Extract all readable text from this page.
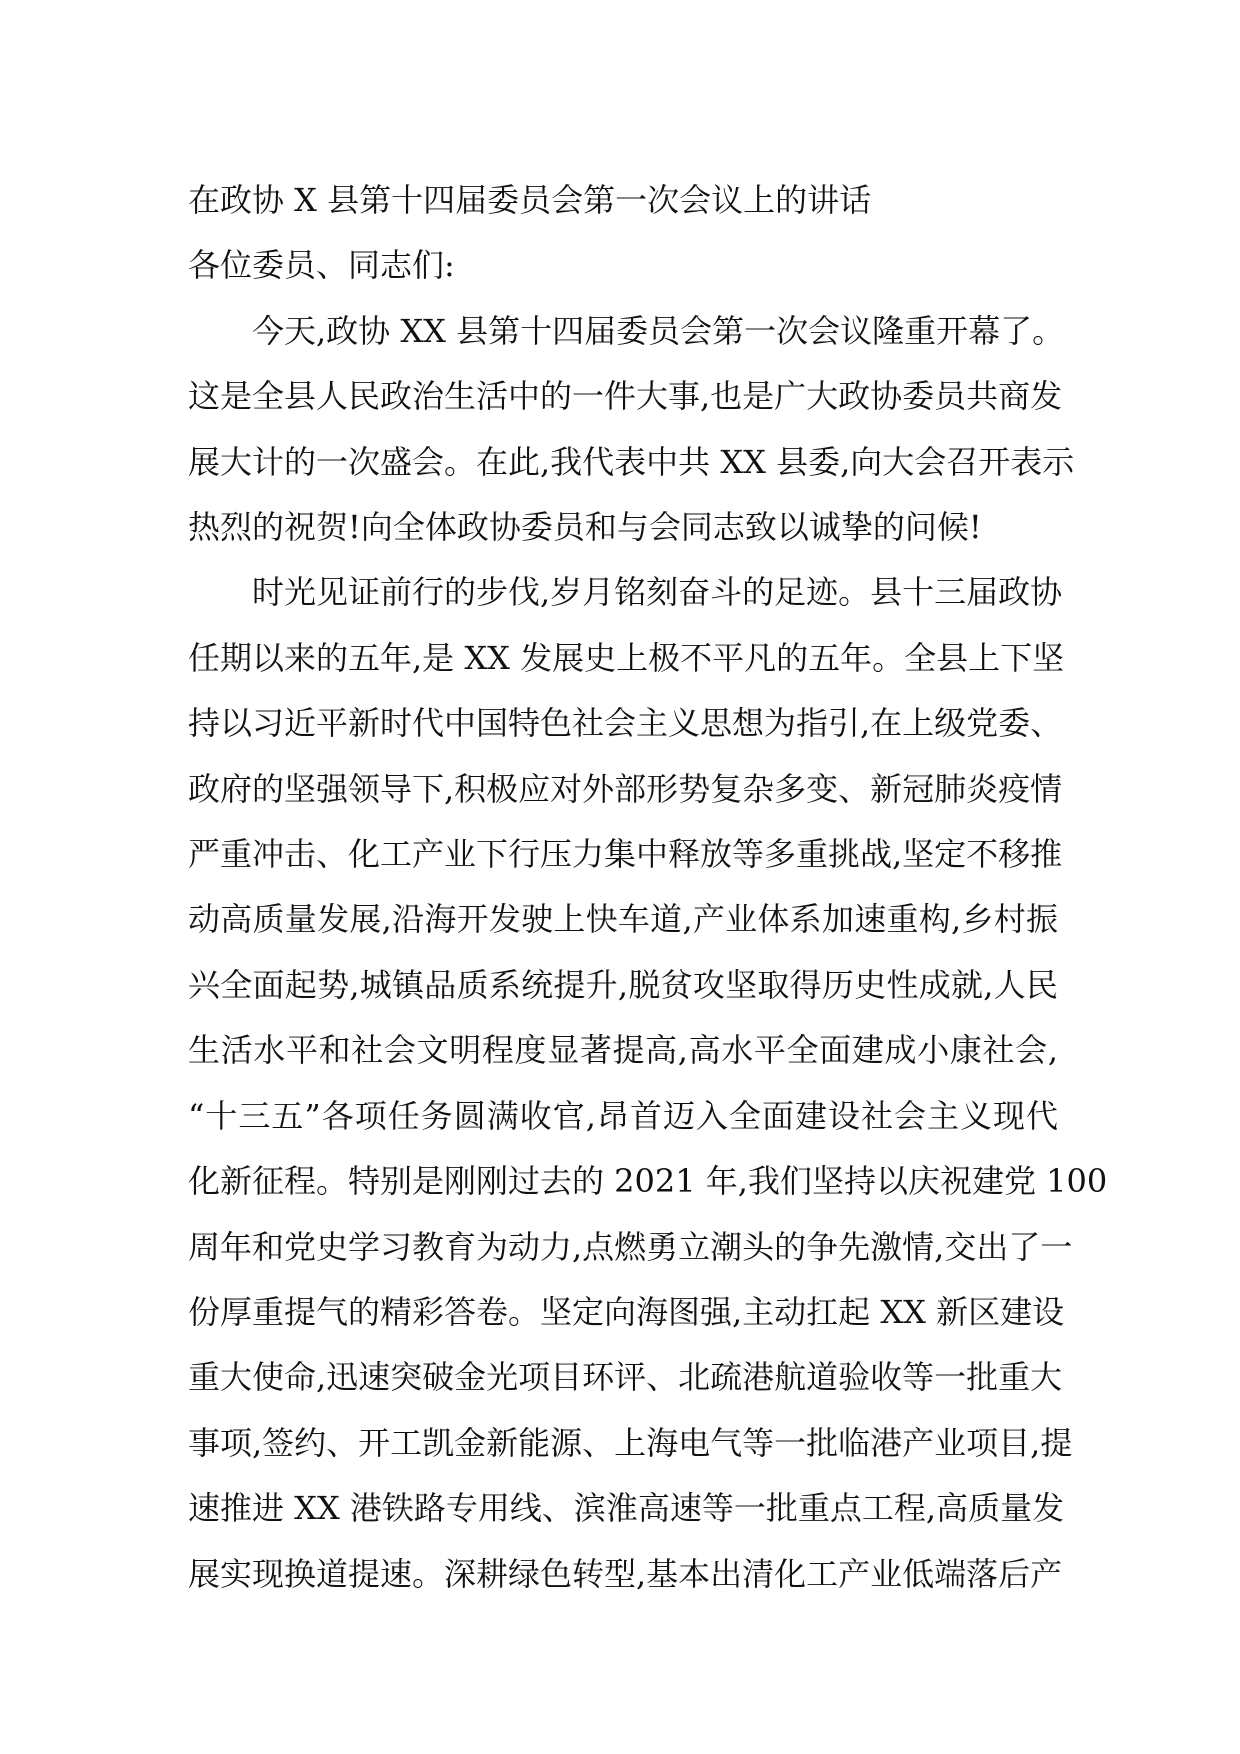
在政协 X 县第十四届委员会第一次会议上的讲话

各位委员、同志们:

今天,政协 XX 县第十四届委员会第一次会议隆重开幕了。
这是全县人民政治生活中的一件大事,也是广大政协委员共商发
展大计的一次盛会。在此,我代表中共 XX 县委,向大会召开表示
热烈的祝贺!向全体政协委员和与会同志致以诚挚的问候!
时光见证前行的步伐,岁月铭刻奋斗的足迹。县十三届政协
任期以来的五年,是 XX 发展史上极不平凡的五年。全县上下坚
持以习近平新时代中国特色社会主义思想为指引,在上级党委、
政府的坚强领导下,积极应对外部形势复杂多变、新冠肺炎疫情
严重冲击、化工产业下行压力集中释放等多重挑战,坚定不移推
动高质量发展,沿海开发驶上快车道,产业体系加速重构,乡村振
兴全面起势,城镇品质系统提升,脱贫攻坚取得历史性成就,人民
生活水平和社会文明程度显著提高,高水平全面建成小康社会,
“十三五”各项任务圆满收官,昂首迈入全面建设社会主义现代
化新征程。特别是刚刚过去的 2021 年,我们坚持以庆祝建党 100
周年和党史学习教育为动力,点燃勇立潮头的争先激情,交出了一
份厚重提气的精彩答卷。坚定向海图强,主动扛起 XX 新区建设
重大使命,迅速突破金光项目环评、北疏港航道验收等一批重大
事项,签约、开工凯金新能源、上海电气等一批临港产业项目,提
速推进 XX 港铁路专用线、滨淮高速等一批重点工程,高质量发
展实现换道提速。深耕绿色转型,基本出清化工产业低端落后产
